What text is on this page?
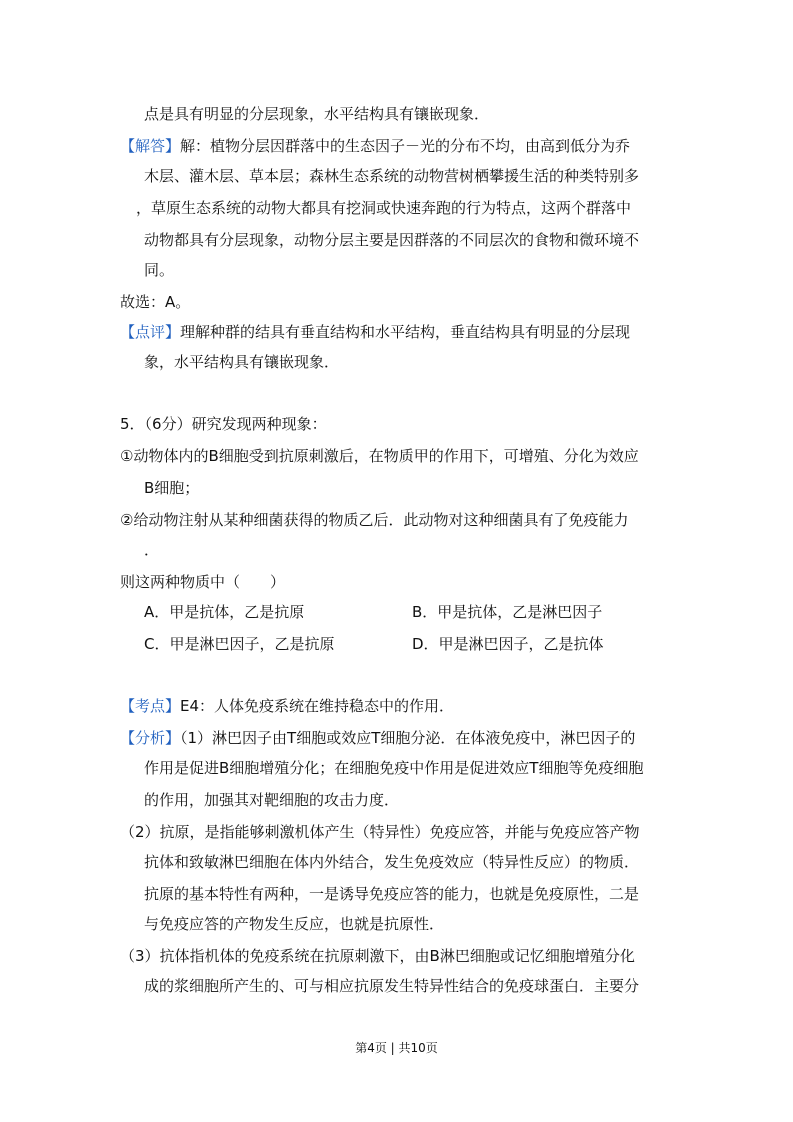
点是具有明显的分层现象，水平结构具有镶嵌现象．
【解答】解：植物分层因群落中的生态因子－光的分布不均，由高到低分为乔
木层、灌木层、草本层；森林生态系统的动物营树栖攀援生活的种类特别多
，草原生态系统的动物大都具有挖洞或快速奔跑的行为特点，这两个群落中
动物都具有分层现象，动物分层主要是因群落的不同层次的食物和微环境不
同。
故选：A。
【点评】理解种群的结具有垂直结构和水平结构，垂直结构具有明显的分层现
象，水平结构具有镶嵌现象．
5．（6分）研究发现两种现象：
①动物体内的B细胞受到抗原刺激后，在物质甲的作用下，可增殖、分化为效应
B细胞；
②给动物注射从某种细菌获得的物质乙后．此动物对这种细菌具有了免疫能力
．
则这两种物质中（　　）
A．甲是抗体，乙是抗原	B．甲是抗体，乙是淋巴因子
C．甲是淋巴因子，乙是抗原	D．甲是淋巴因子，乙是抗体
【考点】E4：人体免疫系统在维持稳态中的作用．
【分析】（1）淋巴因子由T细胞或效应T细胞分泌．在体液免疫中，淋巴因子的
作用是促进B细胞增殖分化；在细胞免疫中作用是促进效应T细胞等免疫细胞
的作用，加强其对靶细胞的攻击力度．
（2）抗原，是指能够刺激机体产生（特异性）免疫应答，并能与免疫应答产物
抗体和致敏淋巴细胞在体内外结合，发生免疫效应（特异性反应）的物质．
抗原的基本特性有两种，一是诱导免疫应答的能力，也就是免疫原性，二是
与免疫应答的产物发生反应，也就是抗原性．
（3）抗体指机体的免疫系统在抗原刺激下，由B淋巴细胞或记忆细胞增殖分化
成的浆细胞所产生的、可与相应抗原发生特异性结合的免疫球蛋白．主要分
第4页 | 共10页
